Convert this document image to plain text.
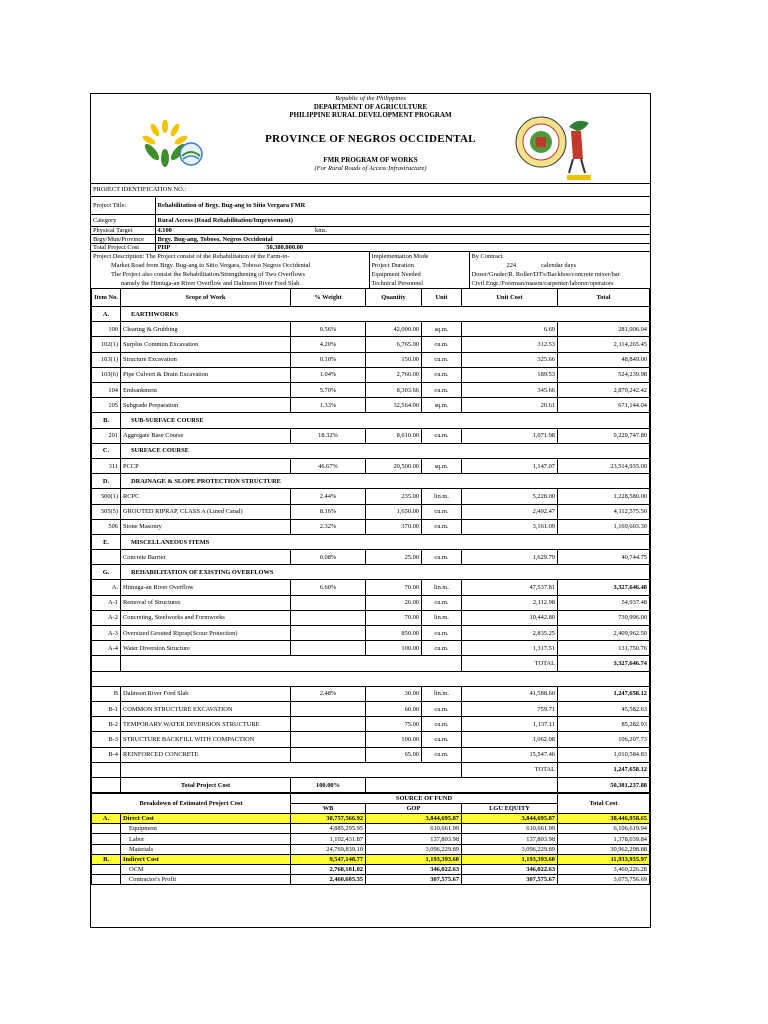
Republic of the Philippines
DEPARTMENT OF AGRICULTURE
PHILIPPINE RURAL DEVELOPMENT PROGRAM
PROVINCE OF NEGROS OCCIDENTAL
FMR PROGRAM OF WORKS
(For Rural Roads of Access Infrastructure)
PROJECT IDENTIFICATION NO.:		
Project Title:	Rehabilitation of Brgy. Bug-ang to Sitio Vergara FMR	
Category	Rural Access (Road Rehabilitation/Improvement)	
Physical Target	4.100	kms.
Brgy/Mun/Province	Brgy. Bug-ang, Toboso, Negros Occidental	
Total Project Cost	PHP 50,380,000.00	

Project Description: The Project consist of the Rehabilitation of the Farm-to-	Implementation Mode	By Contract
Market Road from Brgy. Bug-ang to Sitio Vergara, Toboso Negros Occidental	Project Duration	224 calendar days
The Project also consist the Rehabilitation/Strengthening of Two Overflows	Equipment Needed	Dozer/Grader/R. Roller/DT's/Backhoe/concrete mixer/bar
namely the Himuga-an River Overflow and Dalinson River Ford Slab.	Technical Personnel	Civil Engr./Foreman/mason/carpenter/laborer/operators
Item No.	Scope of Work	% Weight	Quantity	Unit	Unit Cost	Total
A.	EARTHWORKS					
100	Clearing & Grubbing	0.56%	42,000.00	sq.m.	6.69	281,006.04
102(1)	Surplus Common Excavation	4.20%	6,765.00	cu.m.	312.53	2,114,265.45
103(1)	Structure Excavation	0.10%	150.00	cu.m.	325.66	48,849.00
103(6)	Pipe Culvert & Drain Excavation	1.04%	2,766.00	cu.m.	189.53	524,239.98
104	Embankment	5.70%	8,303.66	cu.m.	345.66	2,870,242.42
105	Subgrade Preparation	1.33%	32,564.00	sq.m.	20.61	671,144.04
B.	SUB-SURFACE COURSE					
201	Aggregate Base Course	18.32%	8,610.00	cu.m.	1,071.98	9,229,747.80
C.	SURFACE COURSE					
311	PCCP	46.67%	20,500.00	sq.m.	1,147.07	23,514,935.00
D.	DRAINAGE & SLOPE PROTECTION STRUCTURE					
500(1)	RCPC	2.44%	235.00	lin.m.	5,228.00	1,228,580.00
505(5)	GROUTED RIPRAP, CLASS A (Lined Canal)	8.16%	1,650.00	cu.m.	2,492.47	4,112,575.50
506	Stone Masonry	2.32%	370.00	cu.m.	3,161.09	1,169,603.30
E.	MISCELLANEOUS ITEMS					
	Concrete Barrier	0.08%	25.00	cu.m.	1,629.79	40,744.75
G.	REHABILITATION OF EXISTING OVERFLOWS					
A.	Himuga-an River Overflow	6.60%	70.00	lin.m.	47,537.81	3,327,646.48
A-1	Removal of Structures		26.00	cu.m.	2,112.98	54,937.48
A-2	Concreting, Steelworks and Formworks		70.00	lin.m.	10,442.80	730,996.00
A-3	Oversized Grouted Riprap(Scour Protection)		850.00	cu.m.	2,835.25	2,409,962.50
A-4	Water Diversion Structure		100.00	cu.m.	1,317.51	131,750.76
					TOTAL	3,327,646.74

B	Dalinson River Ford Slab	2.48%	30.00	lin.m.	41,588.60	1,247,658.12
B-1	COMMON STRUCTURE EXCAVATION		60.00	cu.m.	759.71	45,582.63
B-2	TEMPORARY WATER DIVERSION STRUCTURE		75.00	cu.m.	1,137.11	85,282.93
B-3	STRUCTURE BACKFILL WITH COMPACTION		100.00	cu.m.	1,062.08	106,207.73
B-4	REINFORCED CONCRETE		65.00	cu.m.	15,547.46	1,010,584.83
					TOTAL	1,247,658.12
	Total Project Cost	100.00%				50,381,237.88
Breakdown of Estimated Project Cost		SOURCE OF FUND			Total Cost
		WB	GOP	LGU EQUITY	
A.	Direct Cost	30,757,566.92	3,844,695.87	3,844,695.87	38,446,958.65
	Equipment	4,885,295.95	610,661.99	610,661.99	6,106,619.94
	Labor	1,102,431.87	137,803.98	137,803.98	1,378,039.84
	Materials	24,769,839.10	3,096,229.89	3,096,229.89	30,962,298.88
B.	Indirect Cost	9,547,148.77	1,193,393.60	1,193,393.60	11,933,935.97
	OCM	2,768,181.02	346,022.63	346,022.63	3,460,226.28
	Contractor's Profit	2,460,605.35	307,575.67	307,575.67	3,075,756.69
